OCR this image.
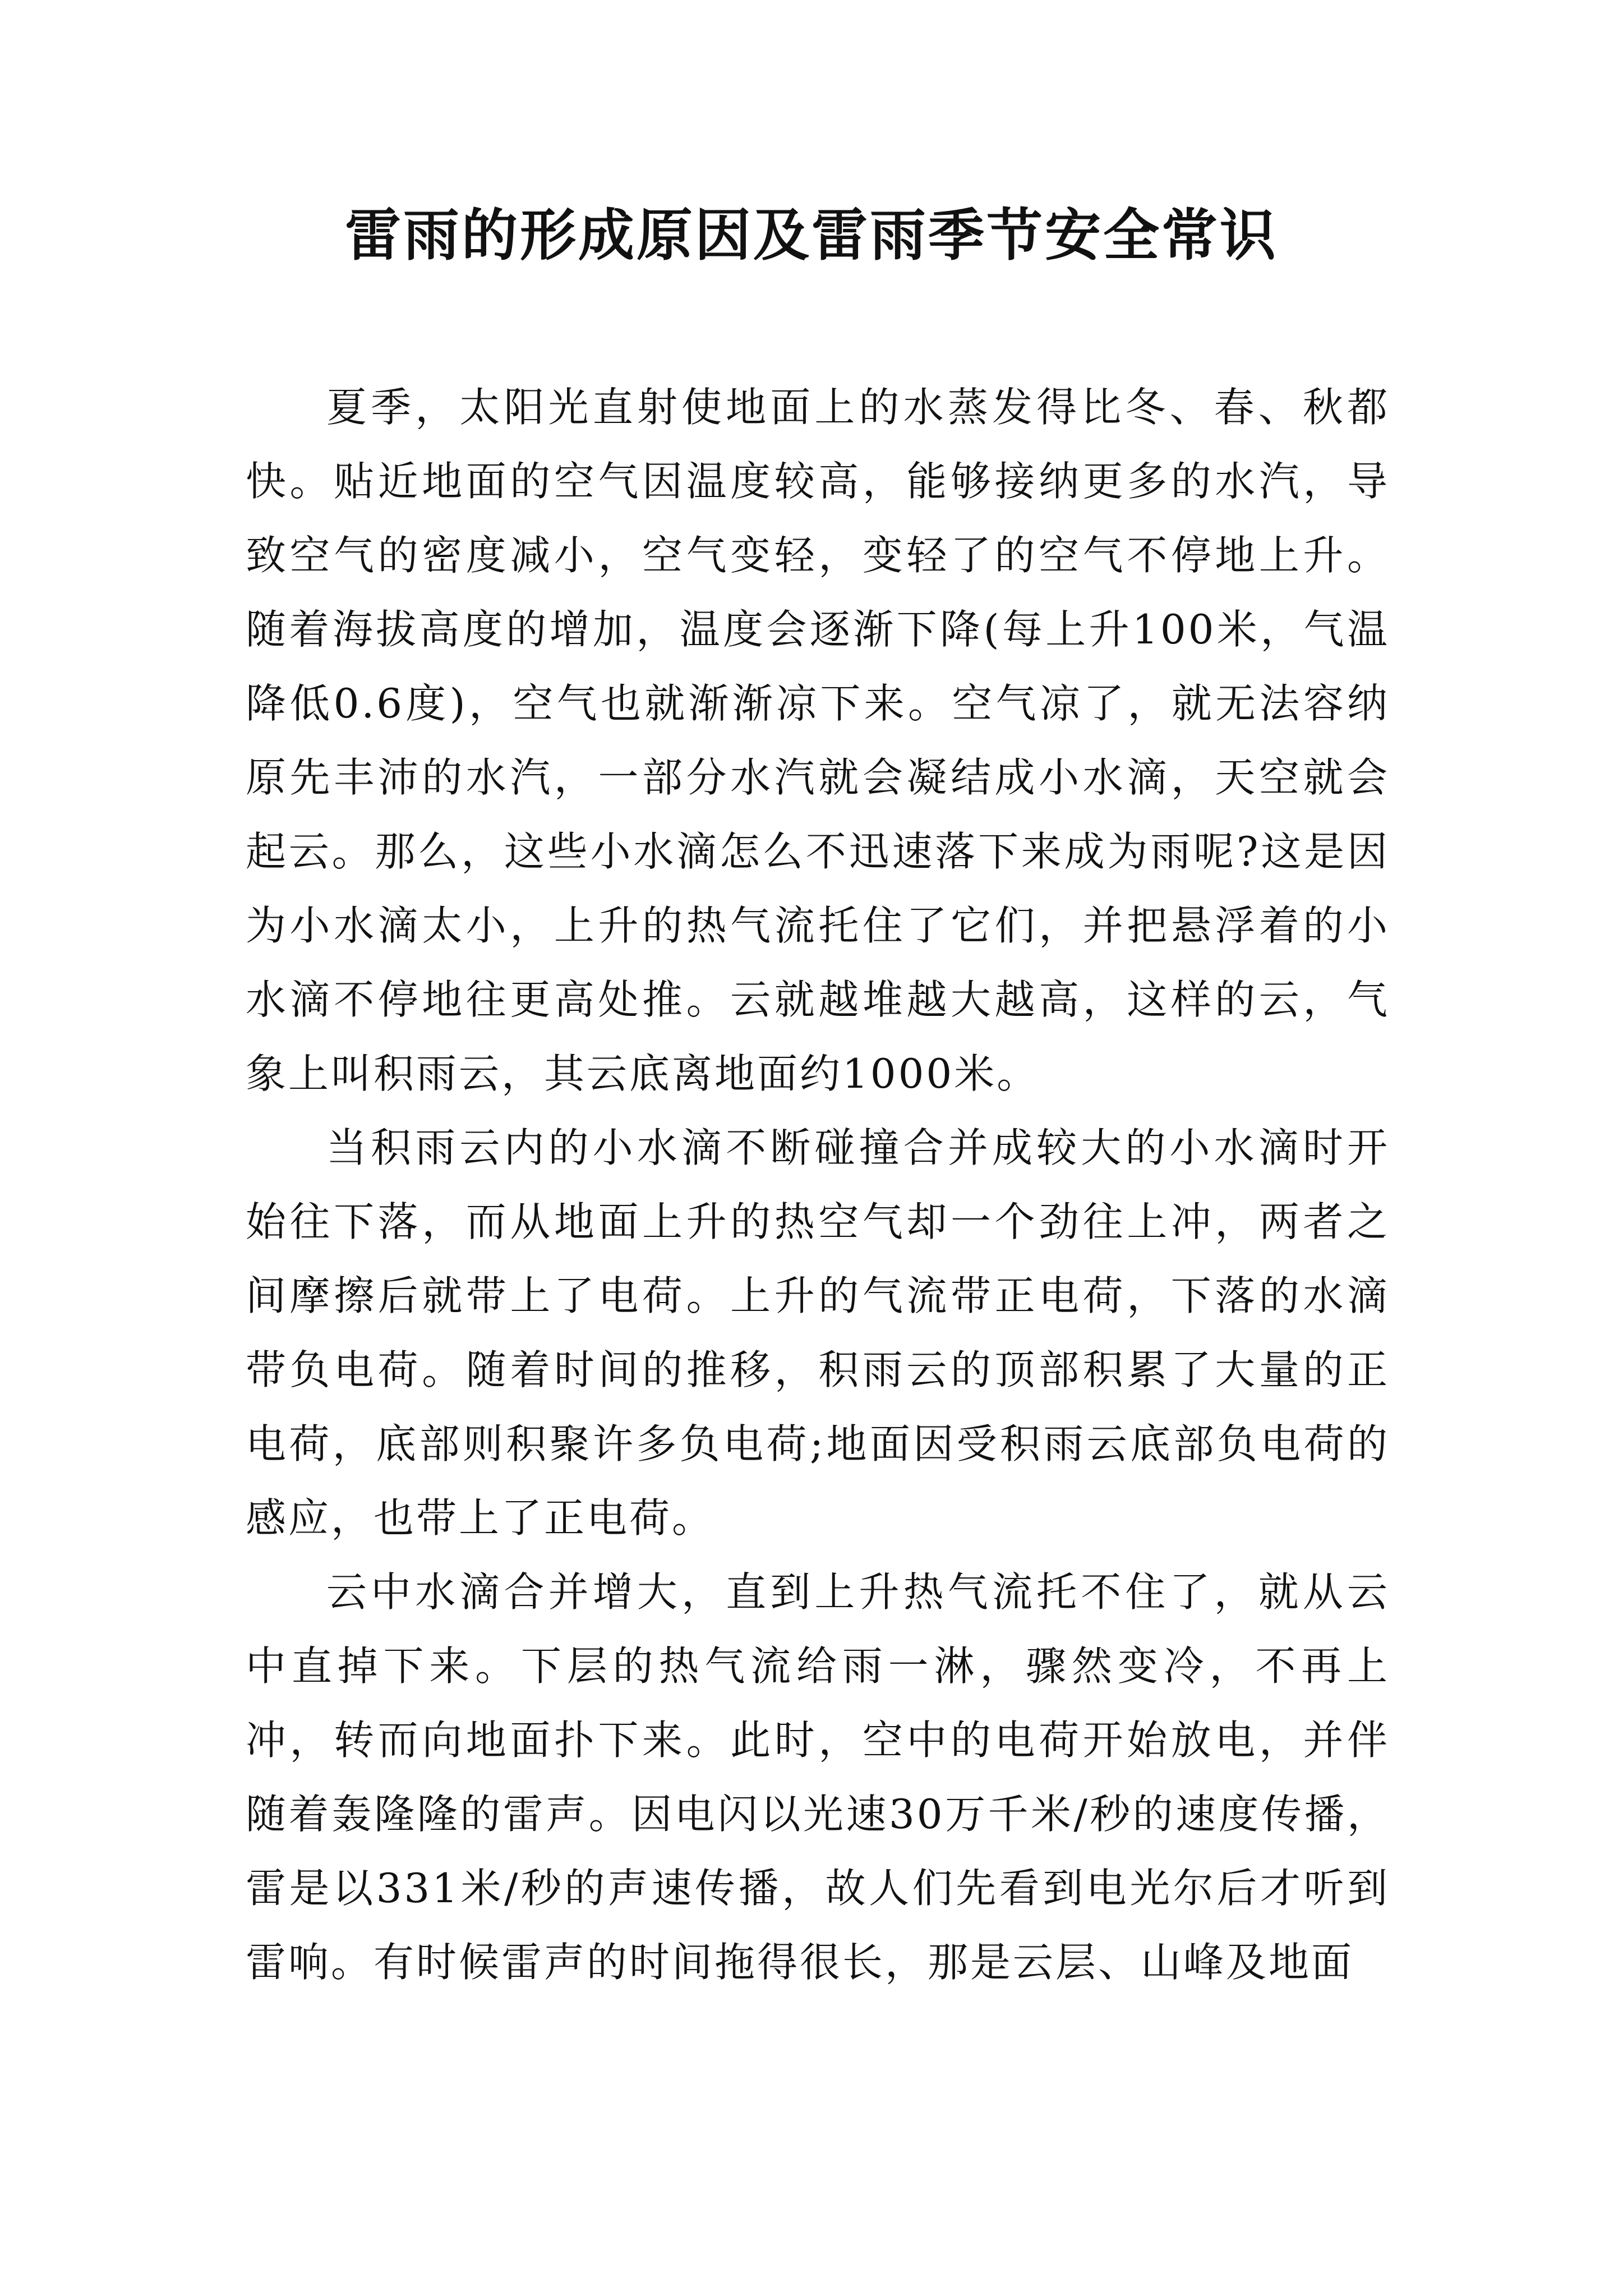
雷雨的形成原因及雷雨季节安全常识

夏季，太阳光直射使地面上的水蒸发得比冬、春、秋都快。贴近地面的空气因温度较高，能够接纳更多的水汽，导致空气的密度减小，空气变轻，变轻了的空气不停地上升。随着海拔高度的增加，温度会逐渐下降(每上升100米，气温降低0.6度)，空气也就渐渐凉下来。空气凉了，就无法容纳原先丰沛的水汽，一部分水汽就会凝结成小水滴，天空就会起云。那么，这些小水滴怎么不迅速落下来成为雨呢?这是因为小水滴太小，上升的热气流托住了它们，并把悬浮着的小水滴不停地往更高处推。云就越堆越大越高，这样的云，气象上叫积雨云，其云底离地面约1000米。

当积雨云内的小水滴不断碰撞合并成较大的小水滴时开始往下落，而从地面上升的热空气却一个劲往上冲，两者之间摩擦后就带上了电荷。上升的气流带正电荷，下落的水滴带负电荷。随着时间的推移，积雨云的顶部积累了大量的正电荷，底部则积聚许多负电荷;地面因受积雨云底部负电荷的感应，也带上了正电荷。

云中水滴合并增大，直到上升热气流托不住了，就从云中直掉下来。下层的热气流给雨一淋，骤然变冷，不再上冲，转而向地面扑下来。此时，空中的电荷开始放电，并伴随着轰隆隆的雷声。因电闪以光速30万千米/秒的速度传播，雷是以331米/秒的声速传播，故人们先看到电光尔后才听到雷响。有时候雷声的时间拖得很长，那是云层、山峰及地面
